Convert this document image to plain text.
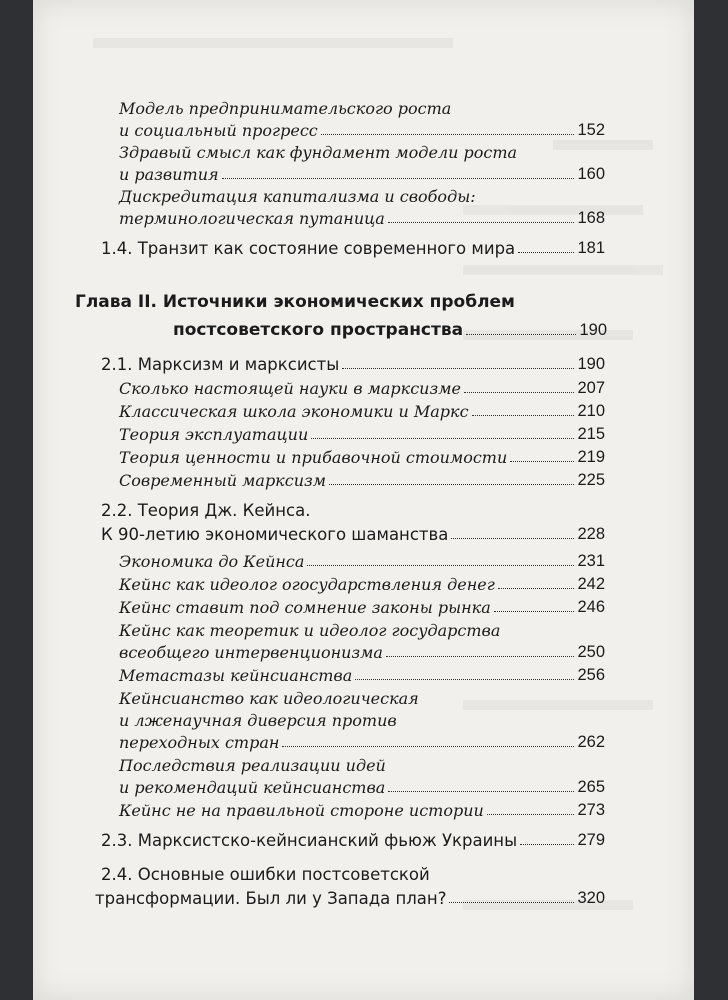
Модель предпринимательского роста
и социальный прогресс	152
Здравый смысл как фундамент модели роста
и развития	160
Дискредитация капитализма и свободы:
терминологическая путаница	168
1.4. Транзит как состояние современного мира	181
Глава II. Источники экономических проблем
постсоветского пространства	190
2.1. Марксизм и марксисты	190
Сколько настоящей науки в марксизме	207
Классическая школа экономики и Маркс	210
Теория эксплуатации	215
Теория ценности и прибавочной стоимости	219
Современный марксизм	225
2.2. Теория Дж. Кейнса.
К 90-летию экономического шаманства	228
Экономика до Кейнса	231
Кейнс как идеолог огосударствления денег	242
Кейнс ставит под сомнение законы рынка	246
Кейнс как теоретик и идеолог государства
всеобщего интервенционизма	250
Метастазы кейнсианства	256
Кейнсианство как идеологическая
и лженаучная диверсия против
переходных стран	262
Последствия реализации идей
и рекомендаций кейнсианства	265
Кейнс не на правильной стороне истории	273
2.3. Марксистско-кейнсианский фьюж Украины	279
2.4. Основные ошибки постсоветской
трансформации. Был ли у Запада план?	320
